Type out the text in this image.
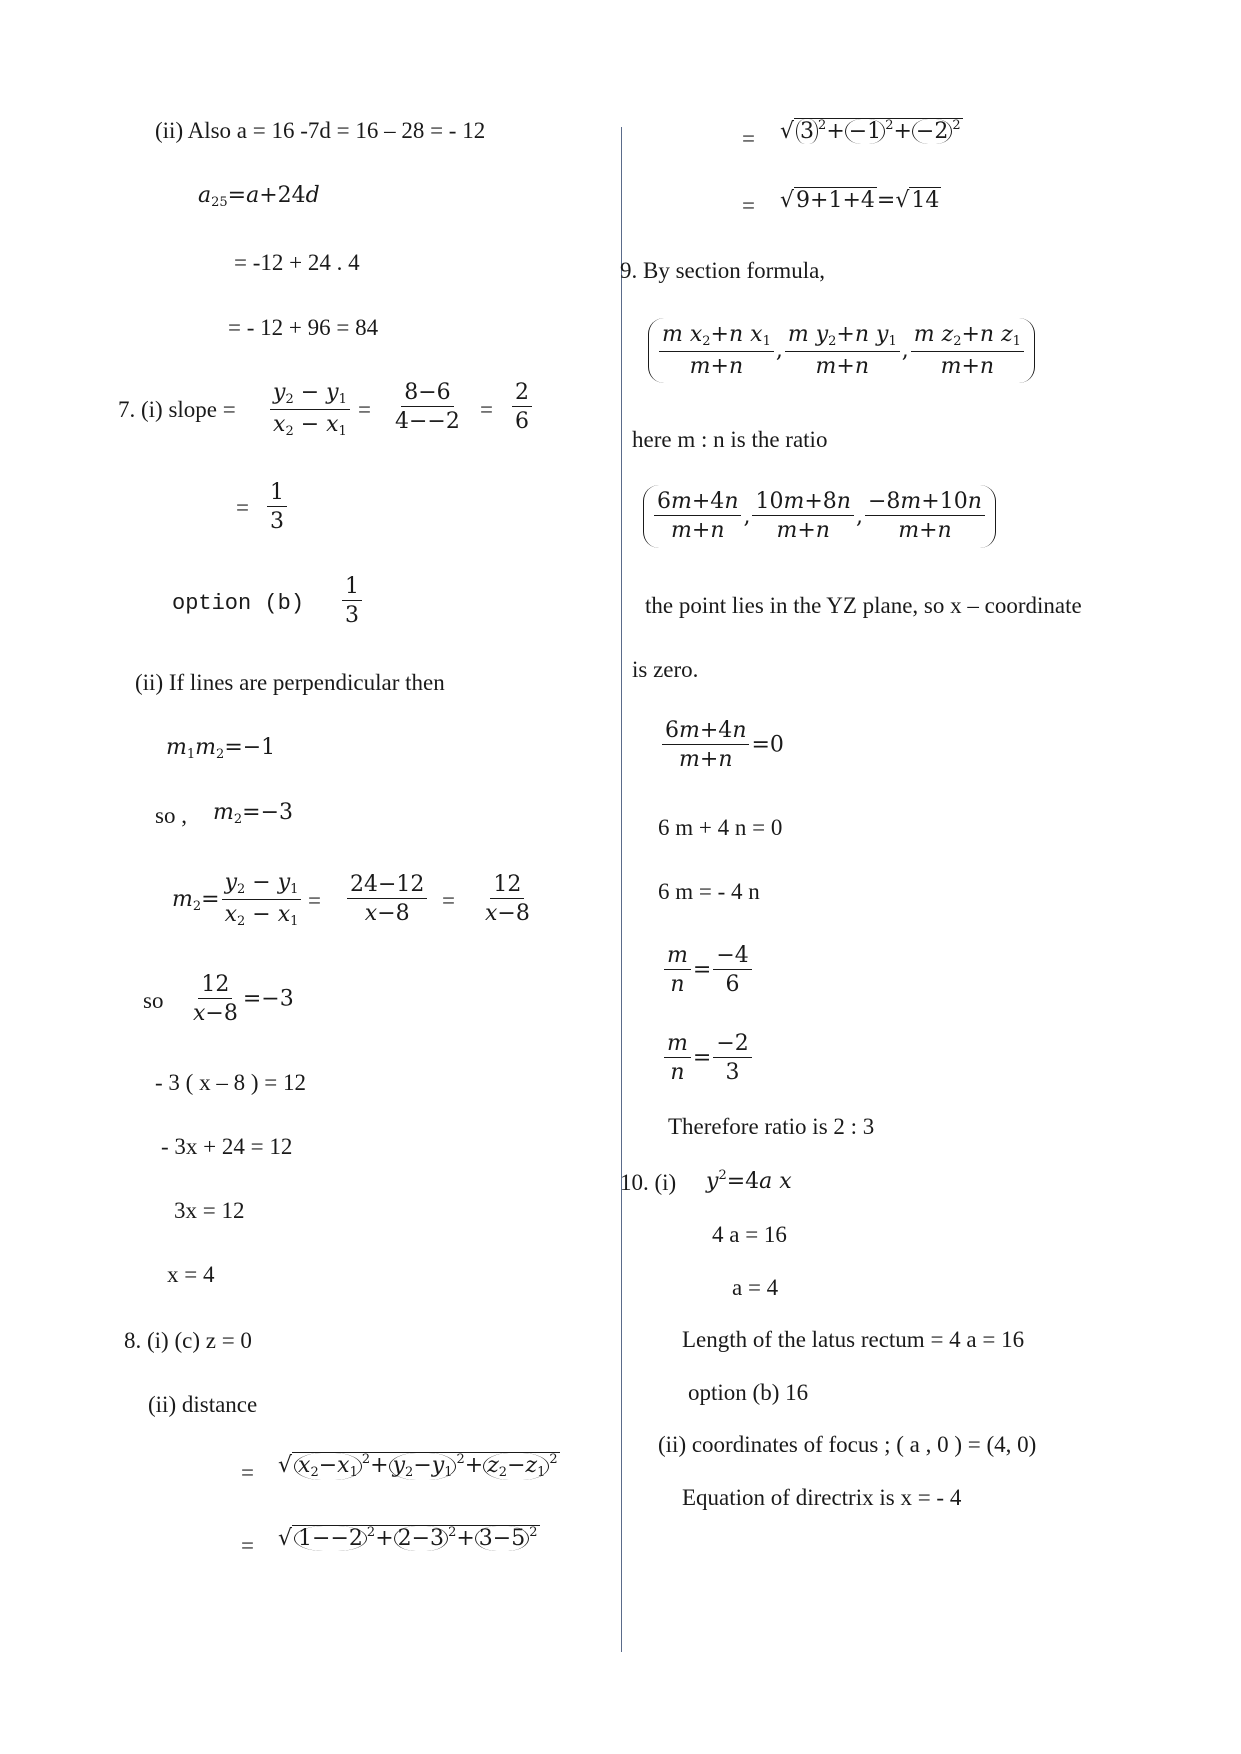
(ii) Also a = 16 -7d = 16 – 28 = - 12
$a_{25}=a+24d$
= -12 + 24 . 4
= - 12 + 96 = 84
7. (i) slope = $\frac{y_2 - y_1}{x_2 - x_1} = \frac{8-6}{4--2} = \frac{2}{6}$
= $\frac{1}{3}$
option $(b) \frac{1}{3}$
(ii) If lines are perpendicular then
$m_1m_2=-1$
so , $m_2=-3$
$m_2= \frac{y_2 - y_1}{x_2 - x_1} = \frac{24-12}{x-8} = \frac{12}{x-8}$
so $\frac{12}{x-8} =-3$
- 3 ( x – 8 ) = 12
- 3x + 24 = 12
3x = 12
x = 4
8. (i) (c) z = 0
(ii) distance
= √ $x_2-x_1^2+ y_2-y_1^2+ z_2-z_1^2$
= √ 1−−2 $^2$+ 2−3 $^2$+ 3−5 $^2$
= √ 3 $^2$+ −1 $^2$+ −2 $^2$
= √9+1+4=√14
9. By section formula,
$\frac{m x_2+n x_1}{m+n}$ , $\frac{m y_2+n y_1}{m+n}$ , $\frac{m z_2+n z_1}{m+n}$
here m : n is the ratio
$\frac{6m+4n}{m+n}$ , $\frac{10m+8n}{m+n}$ , $\frac{-8m+10n}{m+n}$
the point lies in the YZ plane, so x – coordinate
is zero.
$\frac{6m+4n}{m+n} =0$
6 m + 4 n = 0
6 m = - 4 n
$\frac{m}{n} = \frac{-4}{6}$
$\frac{m}{n} = \frac{-2}{3}$
Therefore ratio is 2 : 3
10. (i) $y^2=4a$ x
4 a = 16
a = 4
Length of the latus rectum = 4 a = 16
option (b) 16
(ii) coordinates of focus ; ( a , 0 ) = (4, 0)
Equation of directrix is x = - 4
